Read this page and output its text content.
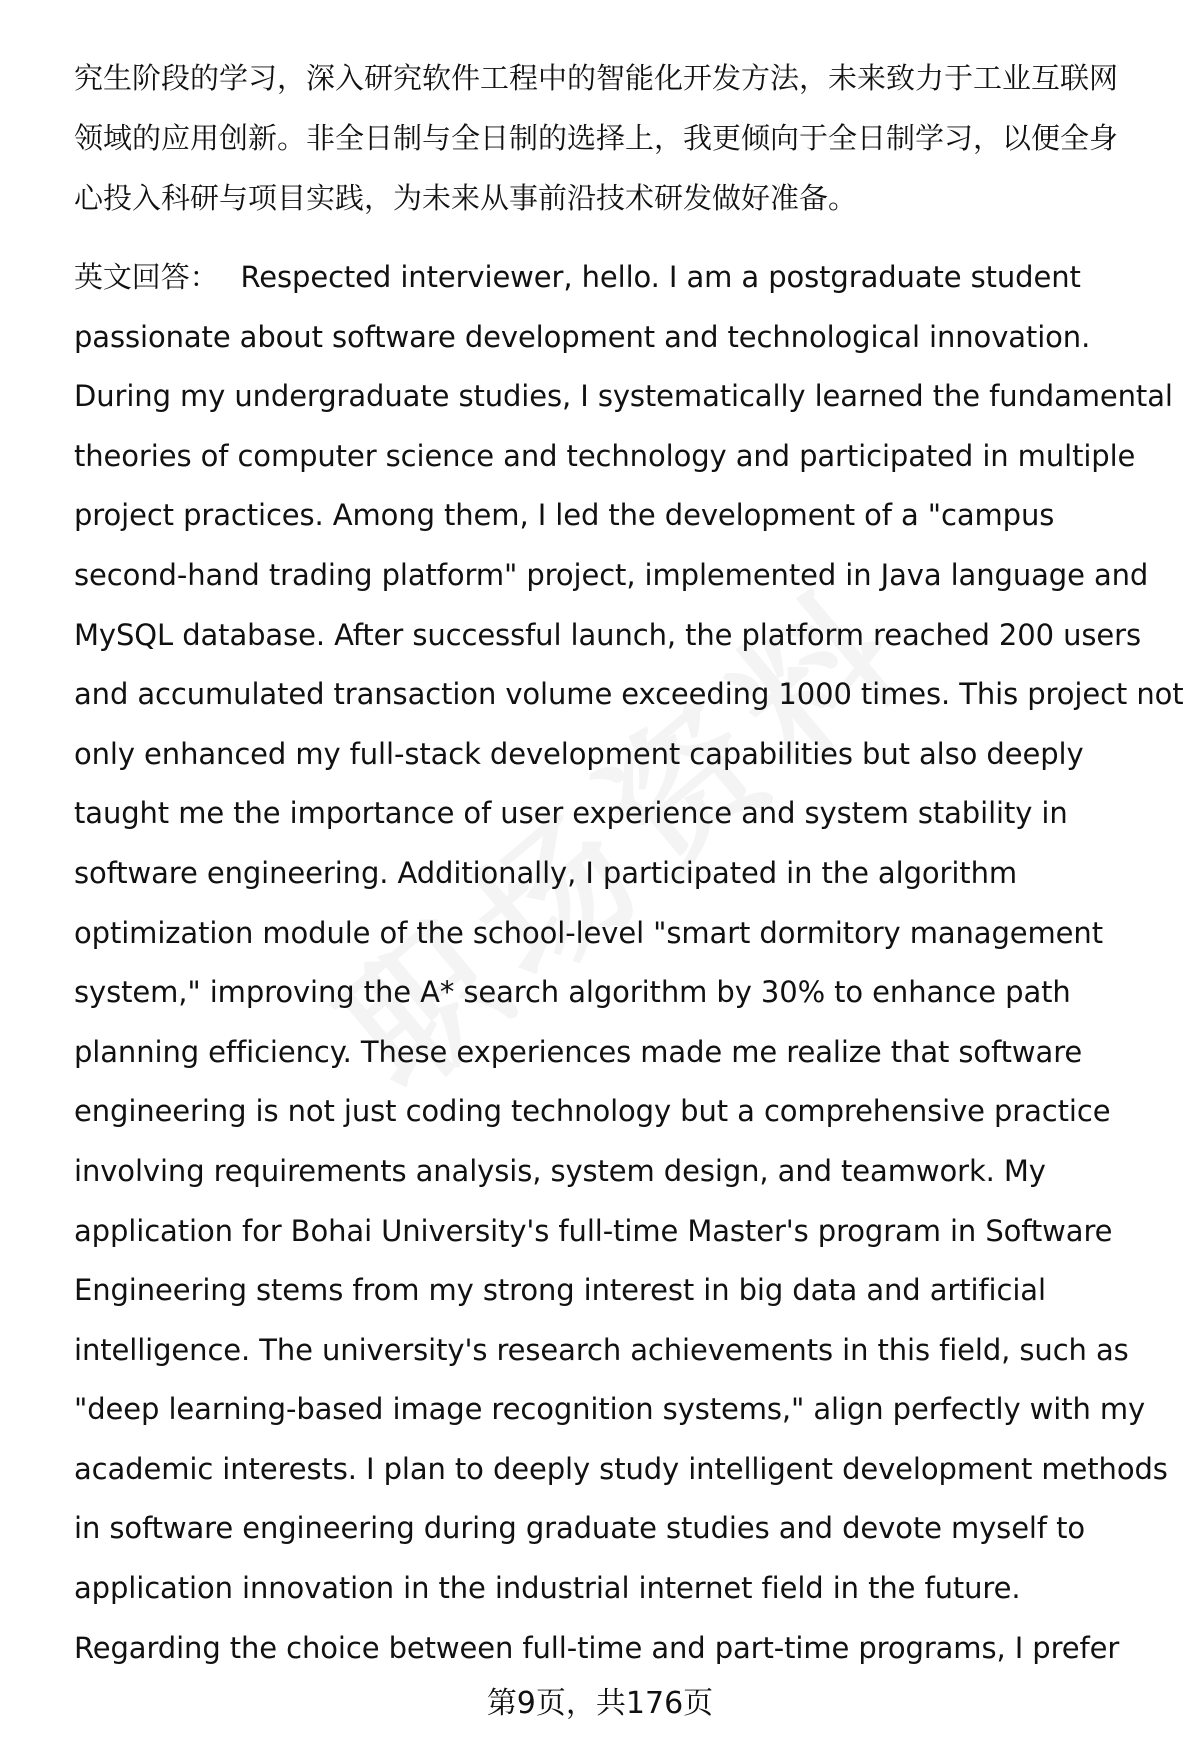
究生阶段的学习，深入研究软件工程中的智能化开发方法，未来致力于工业互联网
领域的应用创新。非全日制与全日制的选择上，我更倾向于全日制学习，以便全身
心投入科研与项目实践，为未来从事前沿技术研发做好准备。
英文回答： Respected interviewer, hello. I am a postgraduate student
passionate about software development and technological innovation.
During my undergraduate studies, I systematically learned the fundamental
theories of computer science and technology and participated in multiple
project practices. Among them, I led the development of a "campus
second-hand trading platform" project, implemented in Java language and
MySQL database. After successful launch, the platform reached 200 users
and accumulated transaction volume exceeding 1000 times. This project not
only enhanced my full-stack development capabilities but also deeply
taught me the importance of user experience and system stability in
software engineering. Additionally, I participated in the algorithm
optimization module of the school-level "smart dormitory management
system," improving the A* search algorithm by 30% to enhance path
planning efficiency. These experiences made me realize that software
engineering is not just coding technology but a comprehensive practice
involving requirements analysis, system design, and teamwork. My
application for Bohai University's full-time Master's program in Software
Engineering stems from my strong interest in big data and artificial
intelligence. The university's research achievements in this field, such as
"deep learning-based image recognition systems," align perfectly with my
academic interests. I plan to deeply study intelligent development methods
in software engineering during graduate studies and devote myself to
application innovation in the industrial internet field in the future.
Regarding the choice between full-time and part-time programs, I prefer
第9页，共176页
